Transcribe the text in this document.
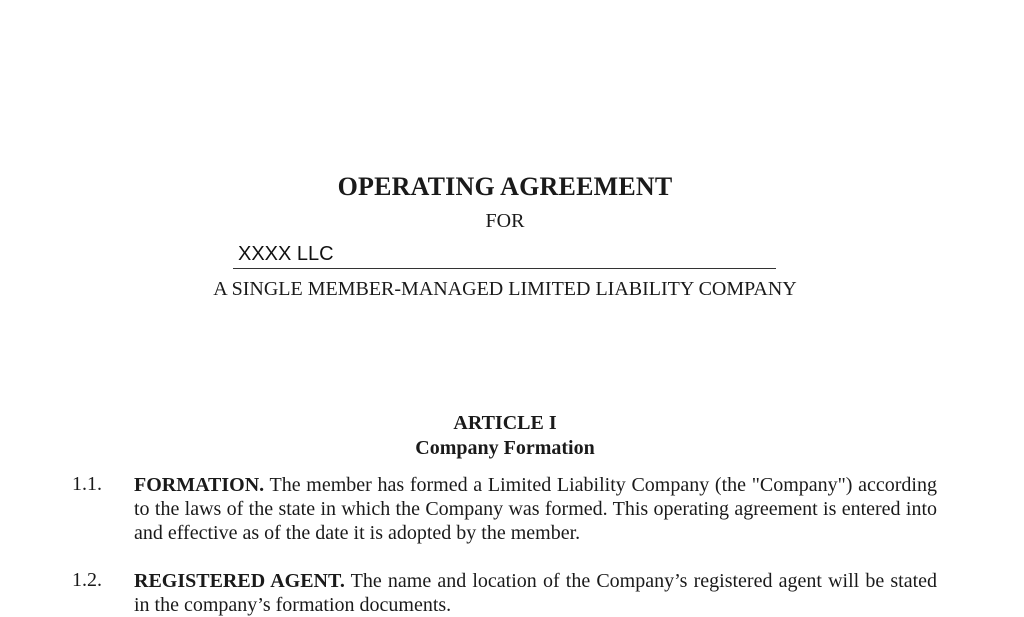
OPERATING AGREEMENT
FOR
XXXX LLC
A SINGLE MEMBER-MANAGED LIMITED LIABILITY COMPANY
ARTICLE I
Company Formation
1.1. FORMATION. The member has formed a Limited Liability Company (the "Company") according to the laws of the state in which the Company was formed. This operating agreement is entered into and effective as of the date it is adopted by the member.
1.2. REGISTERED AGENT. The name and location of the Company’s registered agent will be stated in the company’s formation documents.
